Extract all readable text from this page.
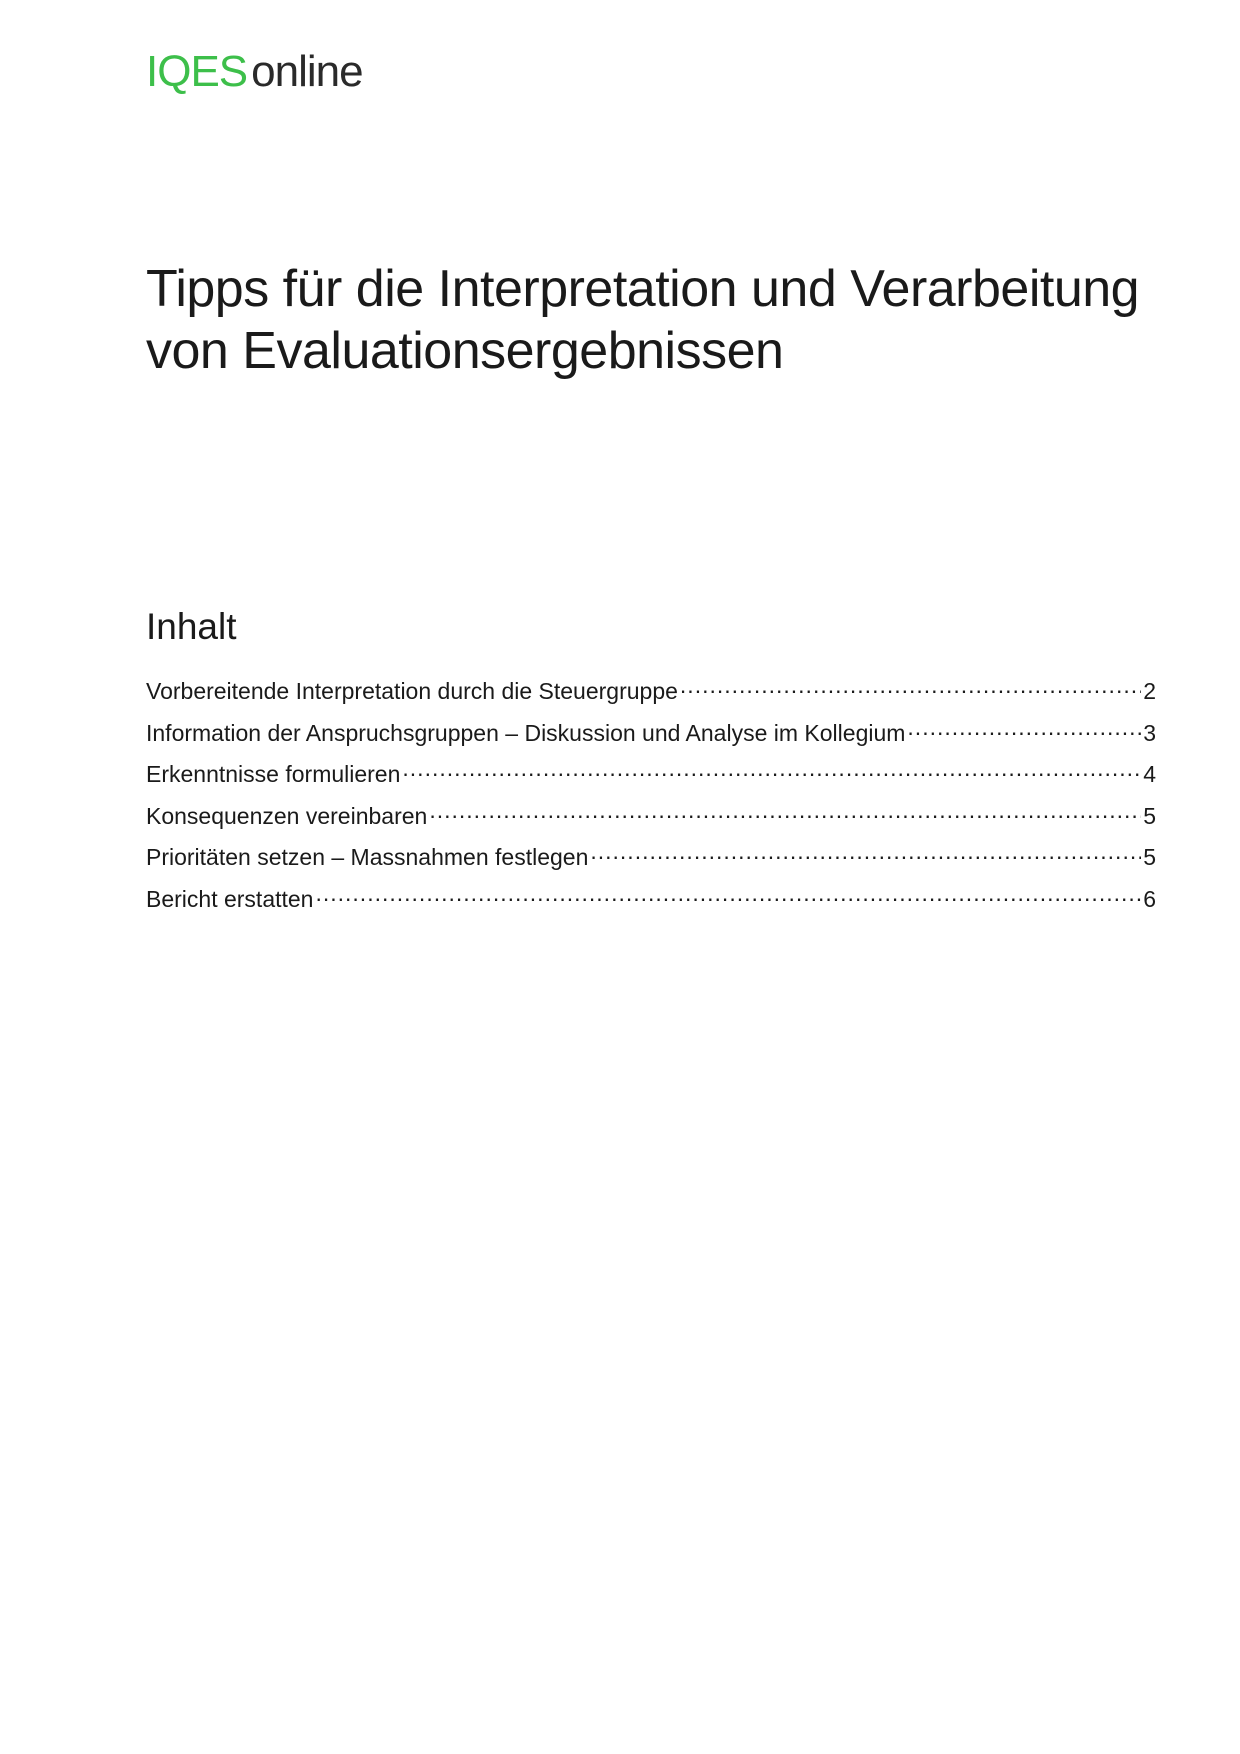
IQESonline
Tipps für die Interpretation und Verarbeitung von Evaluationsergebnissen
Inhalt
Vorbereitende Interpretation durch die Steuergruppe .....	2
Information der Anspruchsgruppen – Diskussion und Analyse im Kollegium .....	3
Erkenntnisse formulieren .....	4
Konsequenzen vereinbaren .....	5
Prioritäten setzen – Massnahmen festlegen .....	5
Bericht erstatten .....	6
